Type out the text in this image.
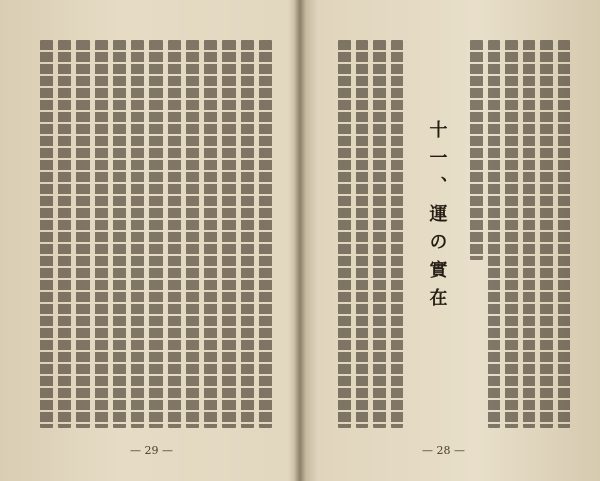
— 29 —
十一、運の實在
— 28 —
